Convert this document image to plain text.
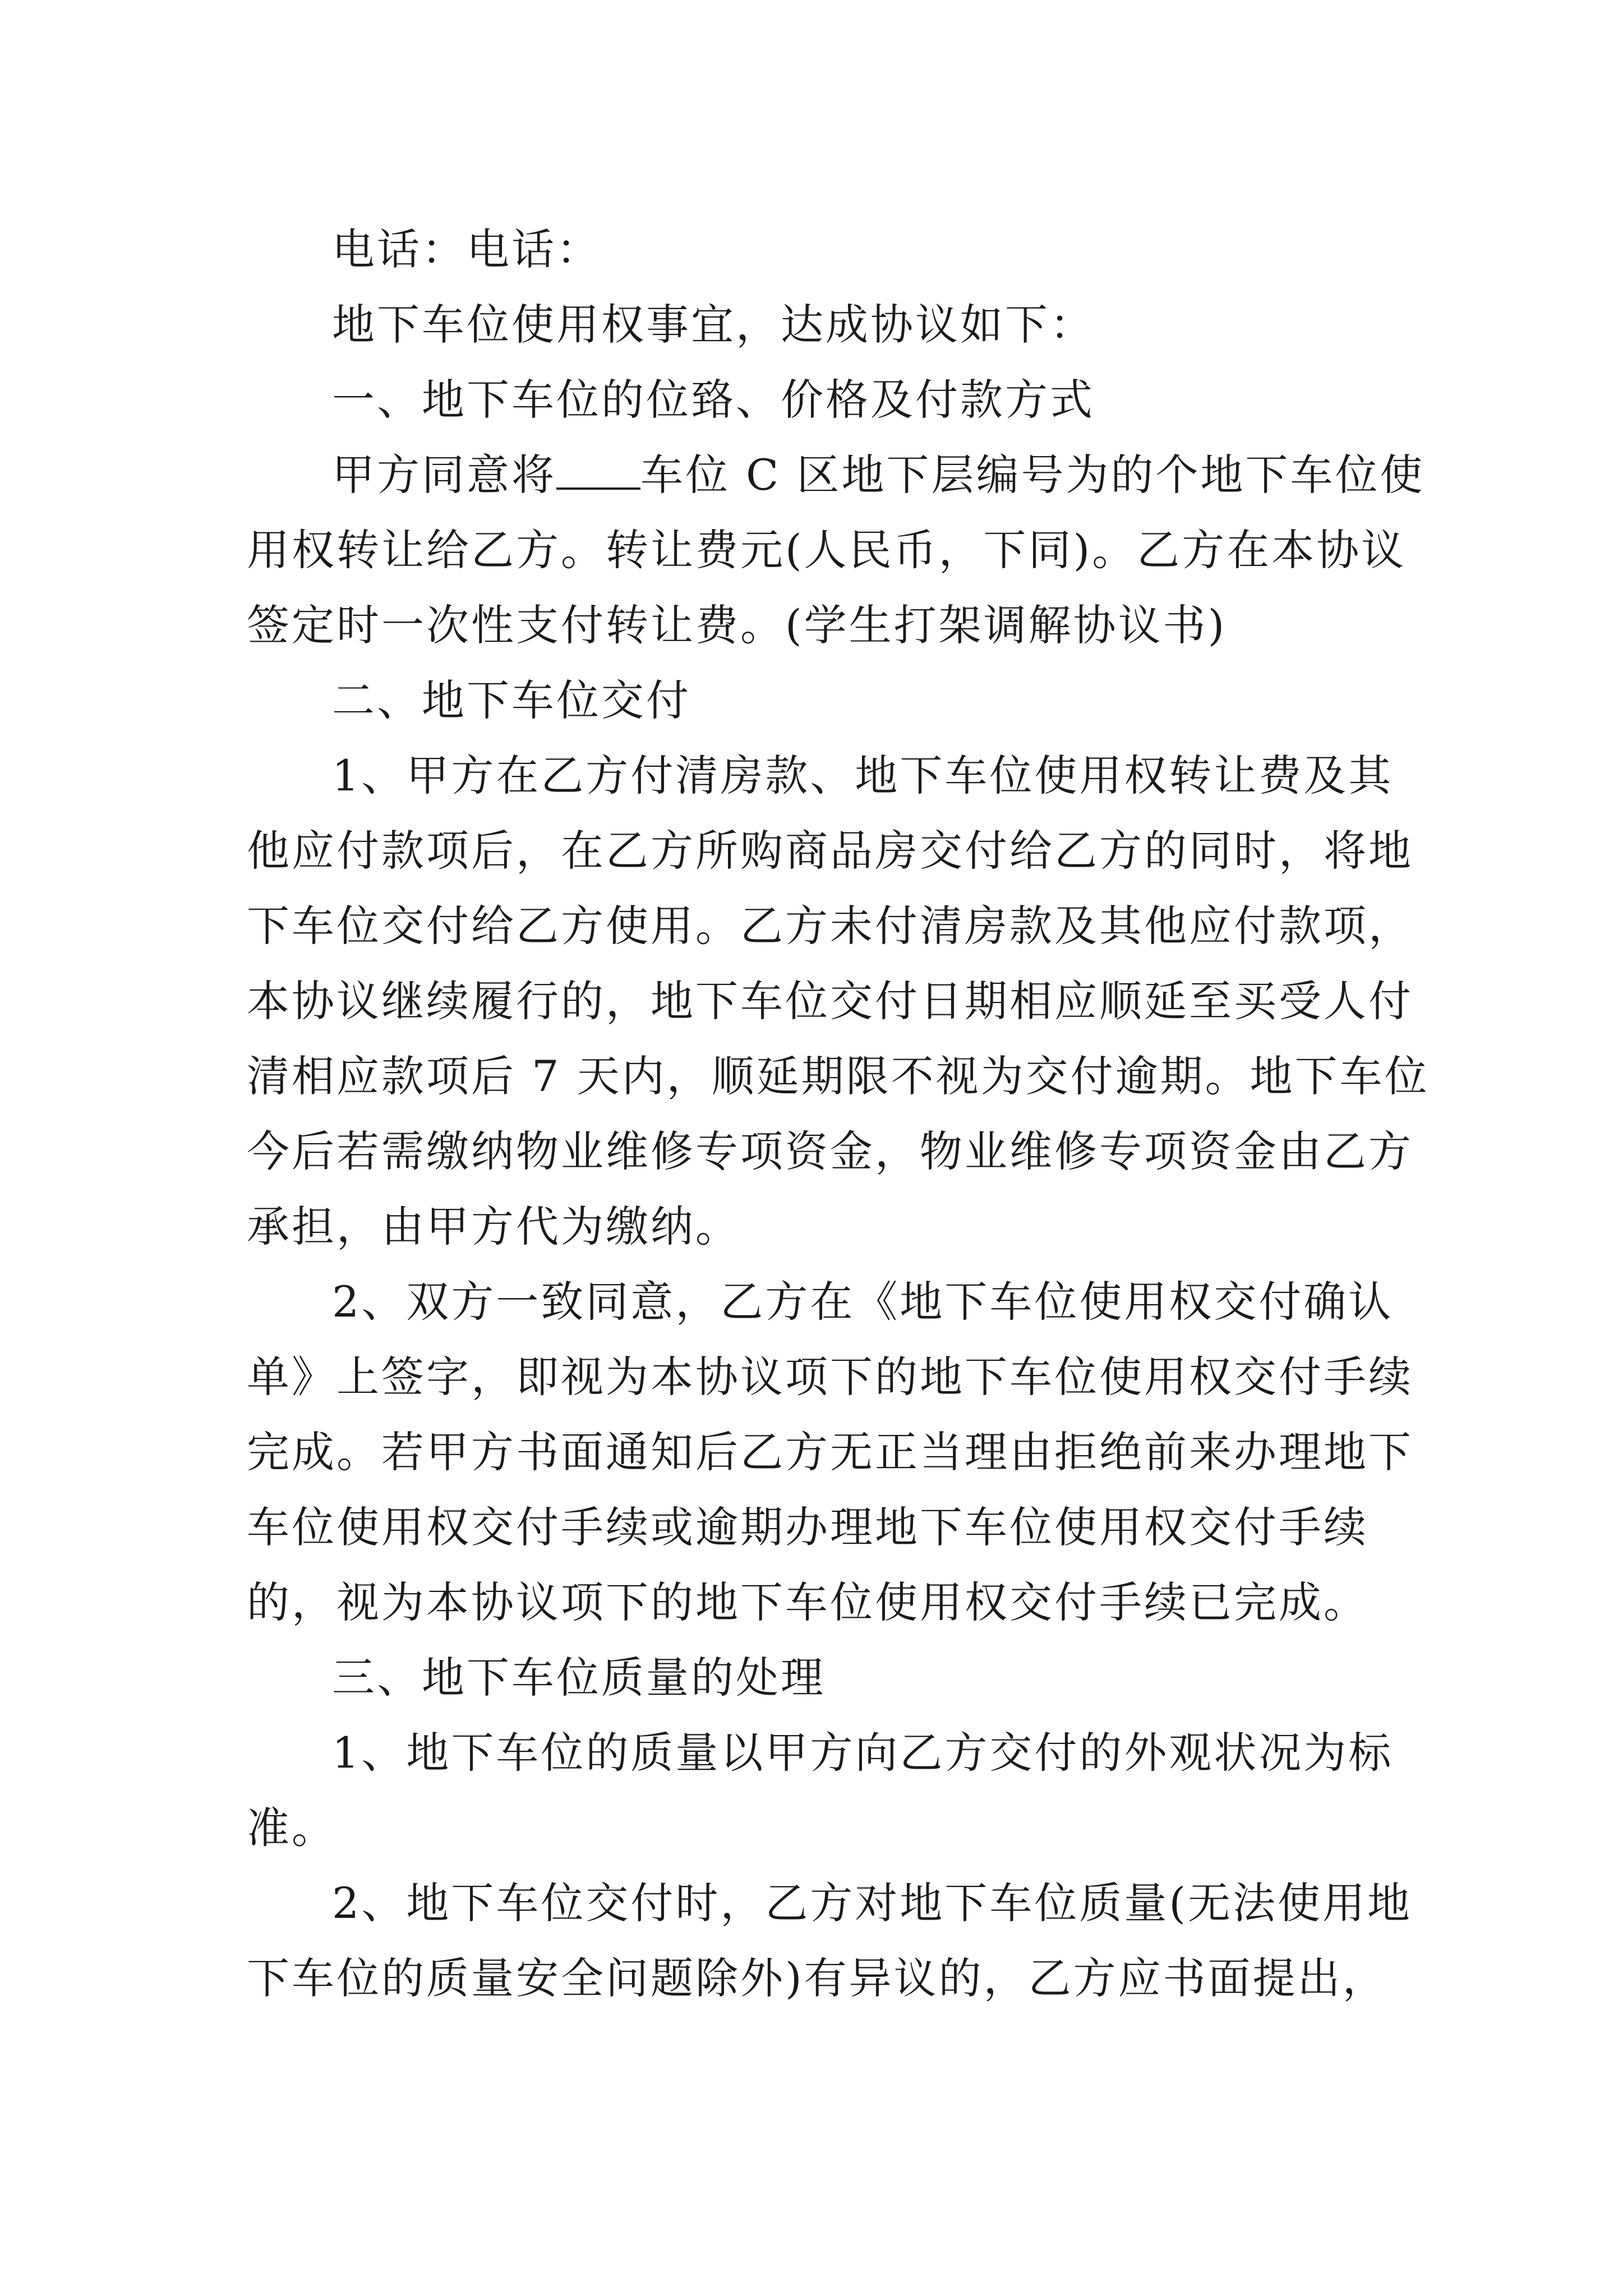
电话：电话：
地下车位使用权事宜，达成协议如下：
一、地下车位的位臵、价格及付款方式
甲方同意将 车位 C 区地下层编号为的个地下车位使
用权转让给乙方。转让费元(人民币，下同)。乙方在本协议
签定时一次性支付转让费。(学生打架调解协议书)
二、地下车位交付
1、甲方在乙方付清房款、地下车位使用权转让费及其
他应付款项后，在乙方所购商品房交付给乙方的同时，将地
下车位交付给乙方使用。乙方未付清房款及其他应付款项，
本协议继续履行的，地下车位交付日期相应顺延至买受人付
清相应款项后 7 天内，顺延期限不视为交付逾期。地下车位
今后若需缴纳物业维修专项资金，物业维修专项资金由乙方
承担，由甲方代为缴纳。
2、双方一致同意，乙方在《地下车位使用权交付确认
单》上签字，即视为本协议项下的地下车位使用权交付手续
完成。若甲方书面通知后乙方无正当理由拒绝前来办理地下
车位使用权交付手续或逾期办理地下车位使用权交付手续
的，视为本协议项下的地下车位使用权交付手续已完成。
三、地下车位质量的处理
1、地下车位的质量以甲方向乙方交付的外观状况为标
准。
2、地下车位交付时，乙方对地下车位质量(无法使用地
下车位的质量安全问题除外)有异议的，乙方应书面提出，
